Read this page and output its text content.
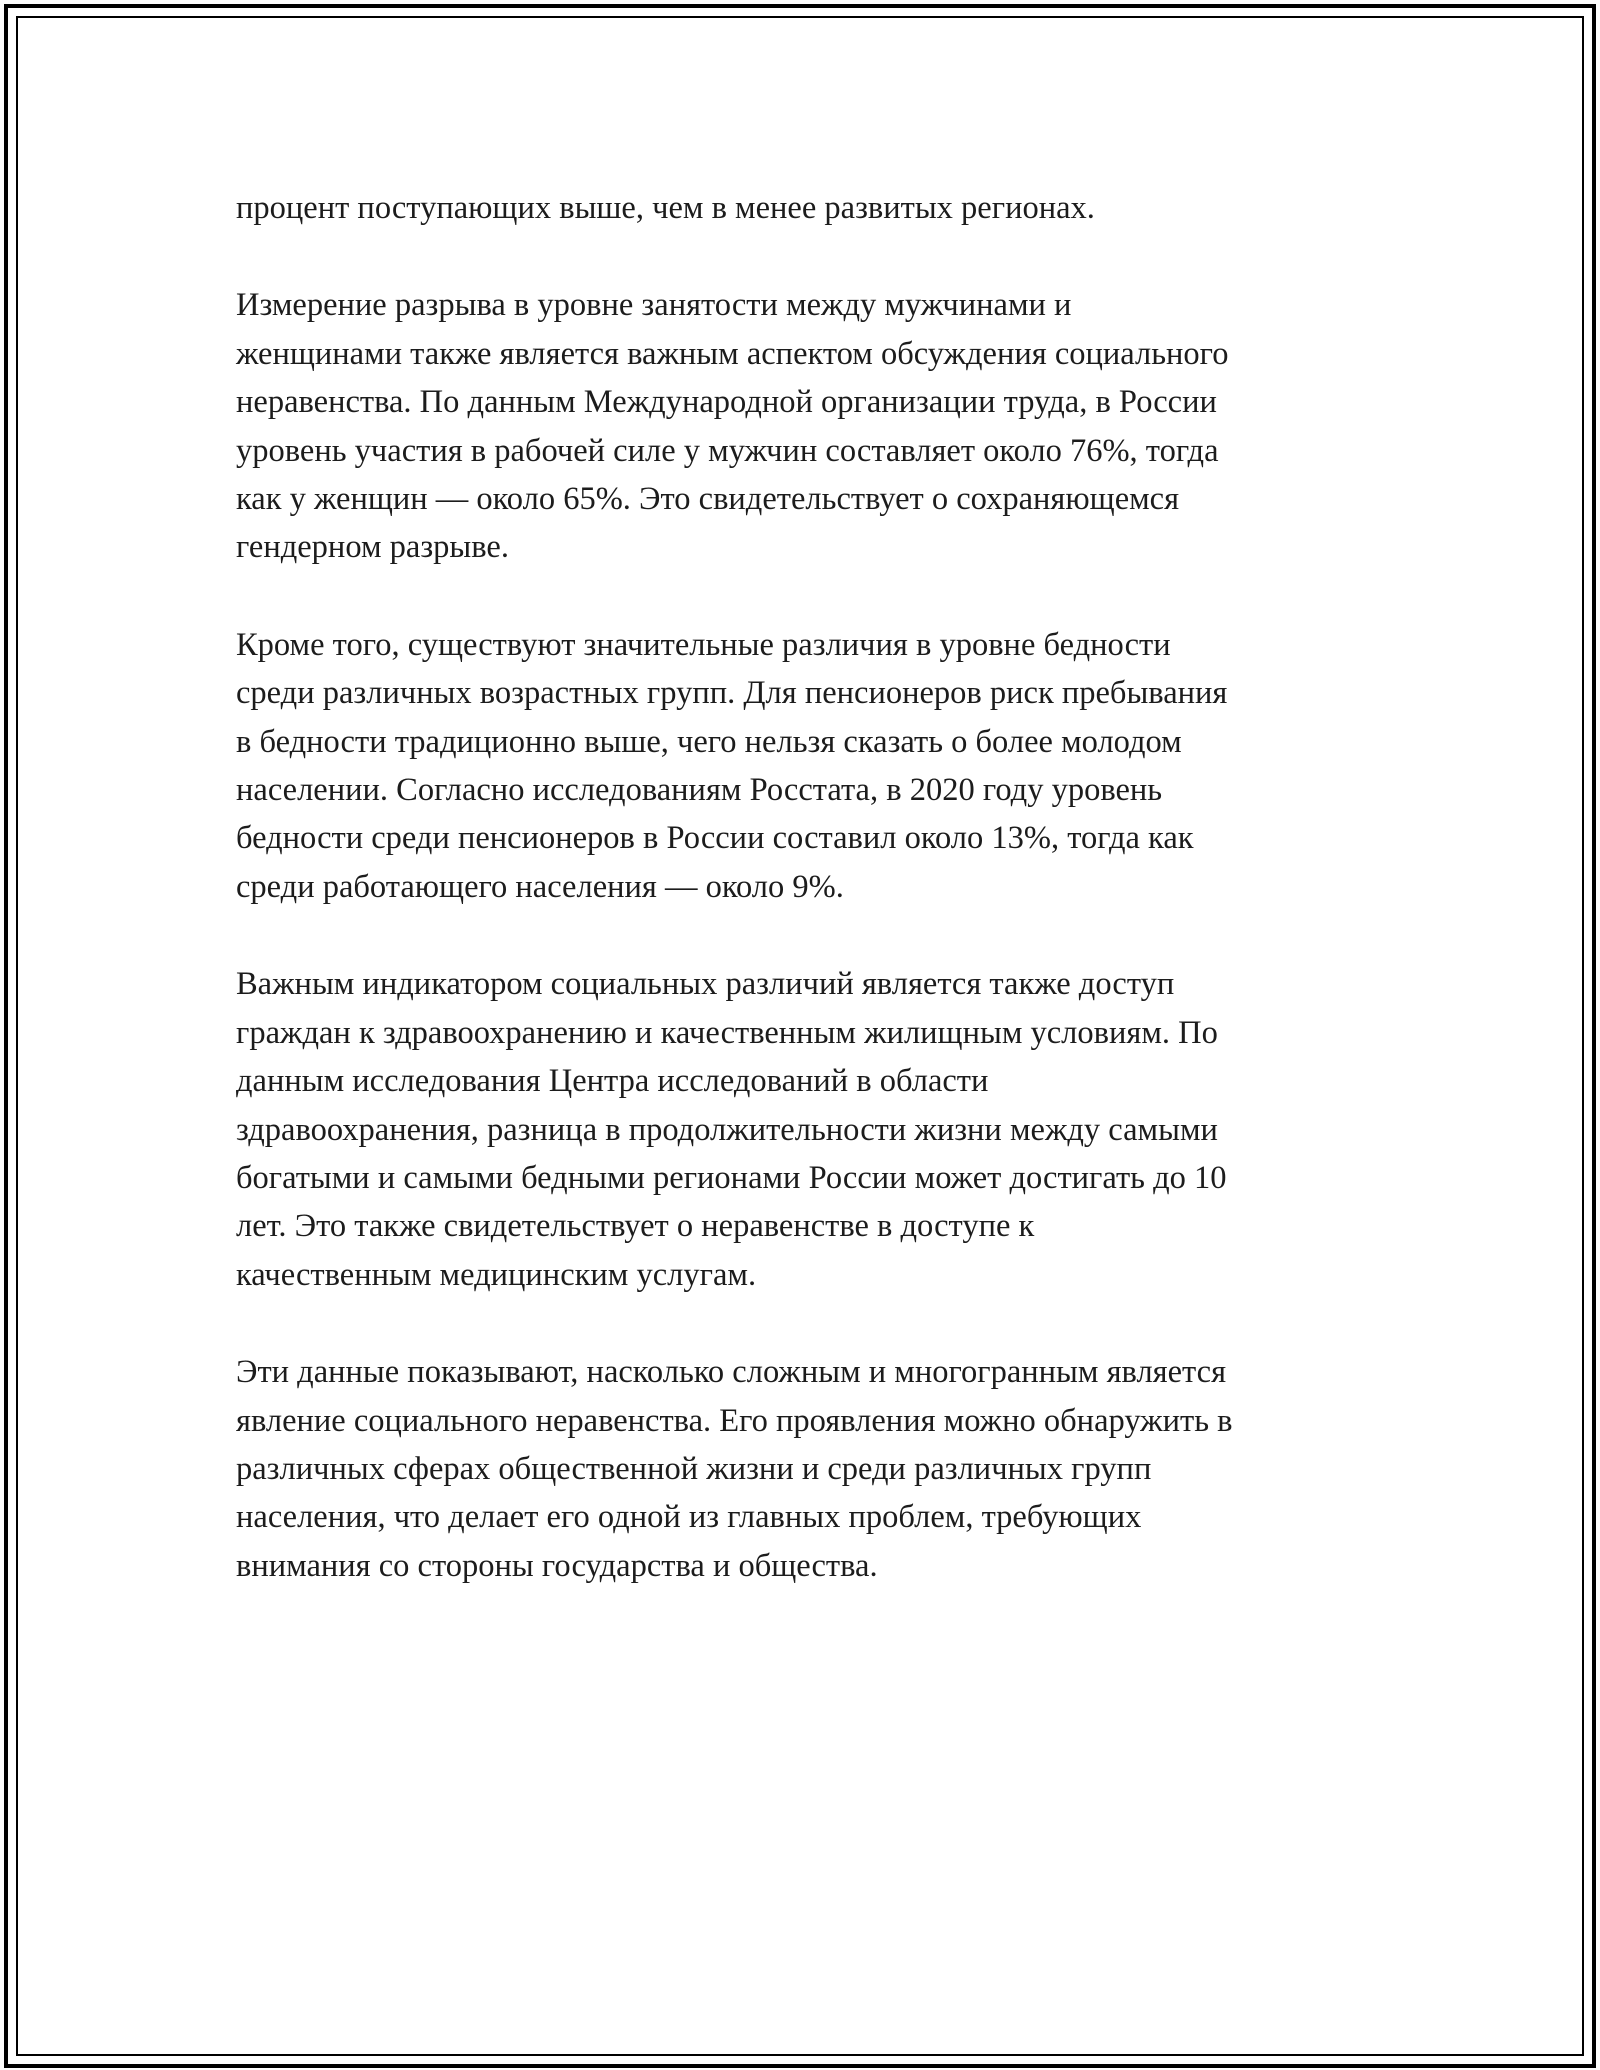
процент поступающих выше, чем в менее развитых регионах.

Измерение разрыва в уровне занятости между мужчинами и
женщинами также является важным аспектом обсуждения социального
неравенства. По данным Международной организации труда, в России
уровень участия в рабочей силе у мужчин составляет около 76%, тогда
как у женщин — около 65%. Это свидетельствует о сохраняющемся
гендерном разрыве.

Кроме того, существуют значительные различия в уровне бедности
среди различных возрастных групп. Для пенсионеров риск пребывания
в бедности традиционно выше, чего нельзя сказать о более молодом
населении. Согласно исследованиям Росстата, в 2020 году уровень
бедности среди пенсионеров в России составил около 13%, тогда как
среди работающего населения — около 9%.

Важным индикатором социальных различий является также доступ
граждан к здравоохранению и качественным жилищным условиям. По
данным исследования Центра исследований в области
здравоохранения, разница в продолжительности жизни между самыми
богатыми и самыми бедными регионами России может достигать до 10
лет. Это также свидетельствует о неравенстве в доступе к
качественным медицинским услугам.

Эти данные показывают, насколько сложным и многогранным является
явление социального неравенства. Его проявления можно обнаружить в
различных сферах общественной жизни и среди различных групп
населения, что делает его одной из главных проблем, требующих
внимания со стороны государства и общества.
